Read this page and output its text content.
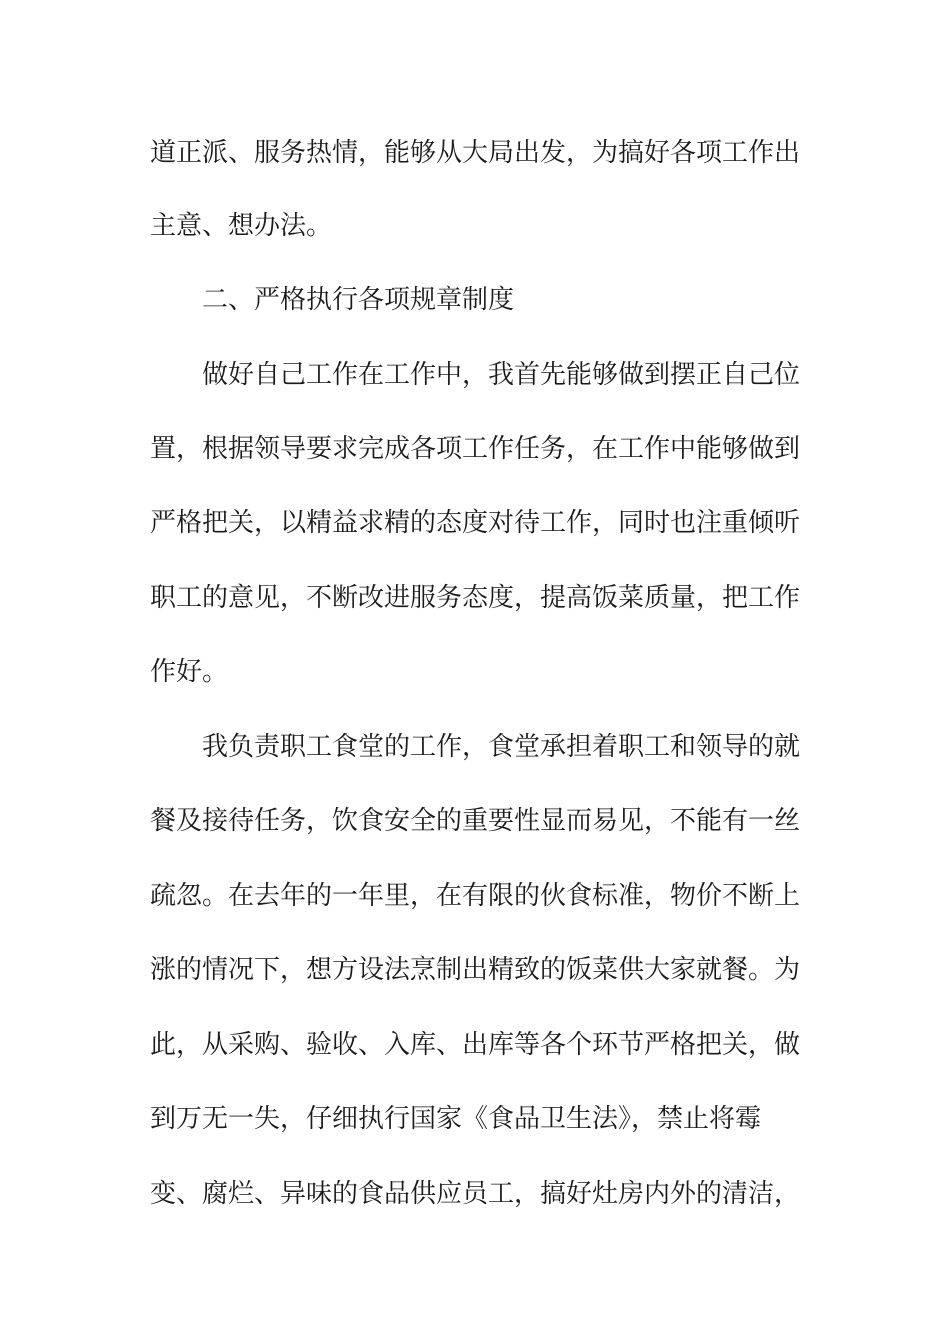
道正派、服务热情，能够从大局出发，为搞好各项工作出
主意、想办法。
二、严格执行各项规章制度
做好自己工作在工作中，我首先能够做到摆正自己位
置，根据领导要求完成各项工作任务，在工作中能够做到
严格把关，以精益求精的态度对待工作，同时也注重倾听
职工的意见，不断改进服务态度，提高饭菜质量，把工作
作好。
我负责职工食堂的工作，食堂承担着职工和领导的就
餐及接待任务，饮食安全的重要性显而易见，不能有一丝
疏忽。在去年的一年里，在有限的伙食标准，物价不断上
涨的情况下，想方设法烹制出精致的饭菜供大家就餐。为
此，从采购、验收、入库、出库等各个环节严格把关，做
到万无一失，仔细执行国家《食品卫生法》，禁止将霉
变、腐烂、异味的食品供应员工，搞好灶房内外的清洁，
